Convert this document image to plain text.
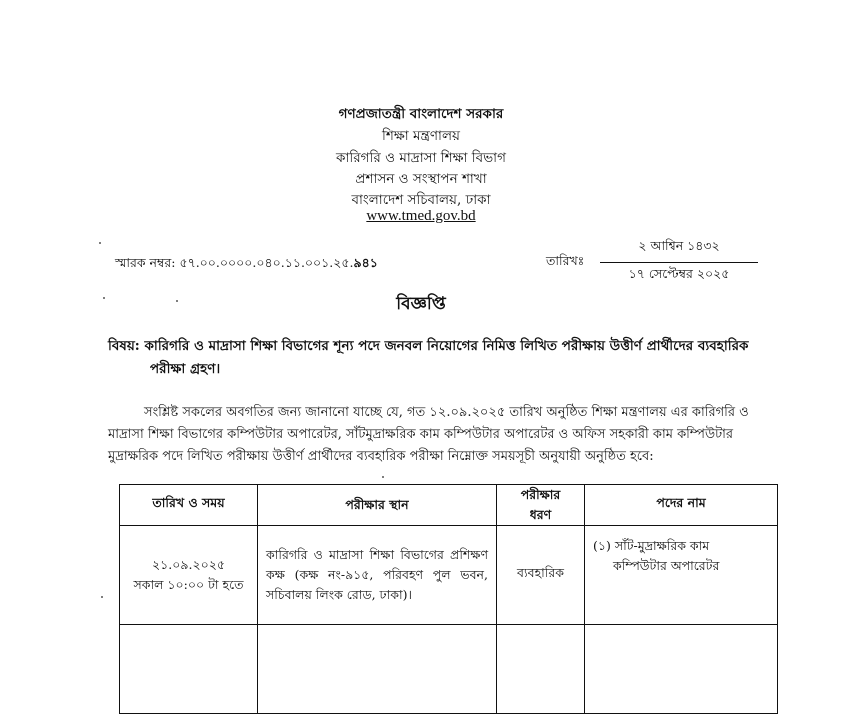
গণপ্রজাতন্ত্রী বাংলাদেশ সরকার
শিক্ষা মন্ত্রণালয়
কারিগরি ও মাদ্রাসা শিক্ষা বিভাগ
প্রশাসন ও সংস্থাপন শাখা
বাংলাদেশ সচিবালয়, ঢাকা
www.tmed.gov.bd
স্মারক নম্বর: ৫৭.০০.০০০০.০৪০.১১.০০১.২৫.৯৪১	তারিখঃ
২ আশ্বিন ১৪৩২
১৭ সেপ্টেম্বর ২০২৫
বিজ্ঞপ্তি
বিষয়: কারিগরি ও মাদ্রাসা শিক্ষা বিভাগের শূন্য পদে জনবল নিয়োগের নিমিত্ত লিখিত পরীক্ষায় উত্তীর্ণ প্রার্থীদের ব্যবহারিক
পরীক্ষা গ্রহণ।
সংশ্লিষ্ট সকলের অবগতির জন্য জানানো যাচ্ছে যে, গত ১২.০৯.২০২৫ তারিখ অনুষ্ঠিত শিক্ষা মন্ত্রণালয় এর কারিগরি ও
মাদ্রাসা শিক্ষা বিভাগের কম্পিউটার অপারেটর, সাঁটমুদ্রাক্ষরিক কাম কম্পিউটার অপারেটর ও অফিস সহকারী কাম কম্পিউটার
মুদ্রাক্ষরিক পদে লিখিত পরীক্ষায় উত্তীর্ণ প্রার্থীদের ব্যবহারিক পরীক্ষা নিম্নোক্ত সময়সূচী অনুযায়ী অনুষ্ঠিত হবে:
তারিখ ও সময়	পরীক্ষার স্থান	পরীক্ষার
ধরণ	পদের নাম
২১.০৯.২০২৫
সকাল ১০:০০ টা হতে	কারিগরি ও মাদ্রাসা শিক্ষা বিভাগের প্রশিক্ষণ কক্ষ (কক্ষ নং-৯১৫, পরিবহণ পুল ভবন, সচিবালয় লিংক রোড, ঢাকা)।	ব্যবহারিক	(১) সাঁট-মুদ্রাক্ষরিক কাম
কম্পিউটার অপারেটর
